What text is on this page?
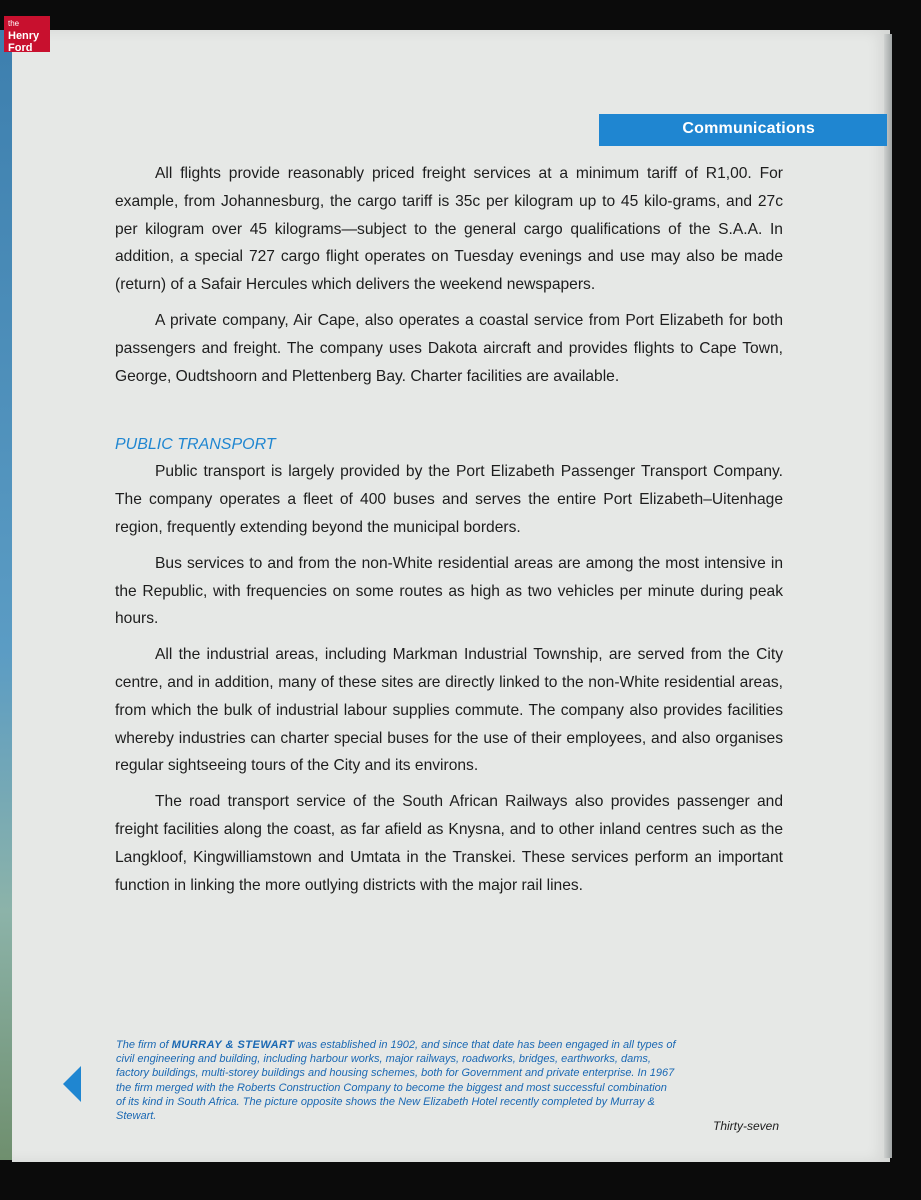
the
Henry
Ford
Communications

All flights provide reasonably priced freight services at a minimum tariff of R1,00. For example, from Johannesburg, the cargo tariff is 35c per kilogram up to 45 kilo-grams, and 27c per kilogram over 45 kilograms—subject to the general cargo qualifications of the S.A.A. In addition, a special 727 cargo flight operates on Tuesday evenings and use may also be made (return) of a Safair Hercules which delivers the weekend newspapers.

A private company, Air Cape, also operates a coastal service from Port Elizabeth for both passengers and freight. The company uses Dakota aircraft and provides flights to Cape Town, George, Oudtshoorn and Plettenberg Bay. Charter facilities are available.

PUBLIC TRANSPORT

Public transport is largely provided by the Port Elizabeth Passenger Transport Company. The company operates a fleet of 400 buses and serves the entire Port Elizabeth–Uitenhage region, frequently extending beyond the municipal borders.

Bus services to and from the non-White residential areas are among the most intensive in the Republic, with frequencies on some routes as high as two vehicles per minute during peak hours.

All the industrial areas, including Markman Industrial Township, are served from the City centre, and in addition, many of these sites are directly linked to the non-White residential areas, from which the bulk of industrial labour supplies commute. The company also provides facilities whereby industries can charter special buses for the use of their employees, and also organises regular sightseeing tours of the City and its environs.

The road transport service of the South African Railways also provides passenger and freight facilities along the coast, as far afield as Knysna, and to other inland centres such as the Langkloof, Kingwilliamstown and Umtata in the Transkei. These services perform an important function in linking the more outlying districts with the major rail lines.

The firm of MURRAY & STEWART was established in 1902, and since that date has been engaged in all types of civil engineering and building, including harbour works, major railways, roadworks, bridges, earthworks, dams, factory buildings, multi-storey buildings and housing schemes, both for Government and private enterprise. In 1967 the firm merged with the Roberts Construction Company to become the biggest and most successful combination of its kind in South Africa. The picture opposite shows the New Elizabeth Hotel recently completed by Murray & Stewart.
Thirty-seven
